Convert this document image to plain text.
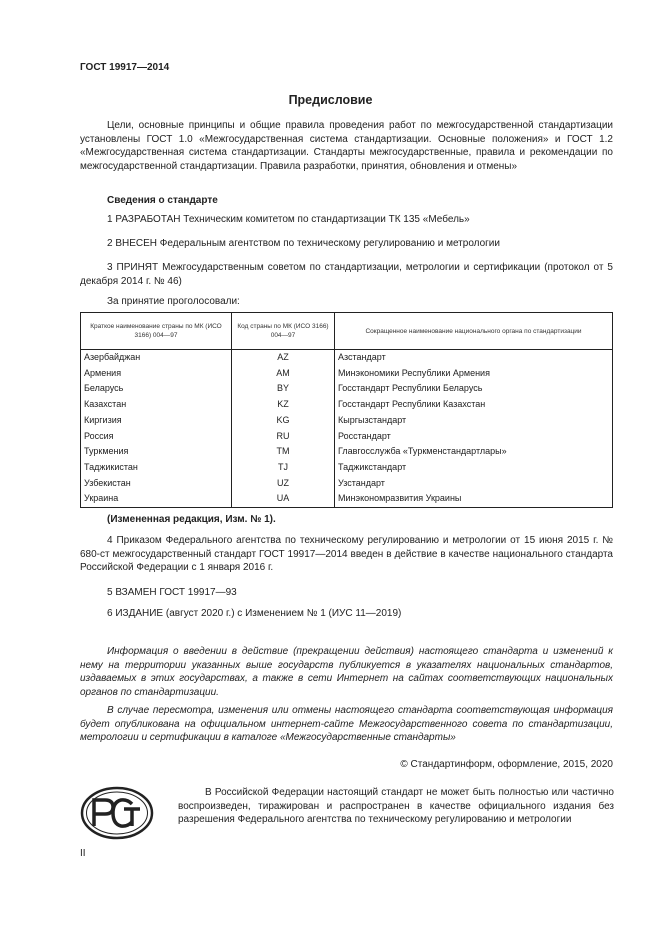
ГОСТ 19917—2014
Предисловие
Цели, основные принципы и общие правила проведения работ по межгосударственной стандартизации установлены ГОСТ 1.0 «Межгосударственная система стандартизации. Основные положения» и ГОСТ 1.2 «Межгосударственная система стандартизации. Стандарты межгосударственные, правила и рекомендации по межгосударственной стандартизации. Правила разработки, принятия, обновления и отмены»
Сведения о стандарте
1 РАЗРАБОТАН Техническим комитетом по стандартизации ТК 135 «Мебель»
2 ВНЕСЕН Федеральным агентством по техническому регулированию и метрологии
3 ПРИНЯТ Межгосударственным советом по стандартизации, метрологии и сертификации (протокол от 5 декабря 2014 г. № 46)
За принятие проголосовали:
Краткое наименование страны по МК (ИСО 3166) 004—97	Код страны по МК (ИСО 3166) 004—97	Сокращенное наименование национального органа по стандартизации
Азербайджан	AZ	Азстандарт
Армения	AM	Минэкономики Республики Армения
Беларусь	BY	Госстандарт Республики Беларусь
Казахстан	KZ	Госстандарт Республики Казахстан
Киргизия	KG	Кыргызстандарт
Россия	RU	Росстандарт
Туркмения	TM	Главгосслужба «Туркменстандартлары»
Таджикистан	TJ	Таджикстандарт
Узбекистан	UZ	Узстандарт
Украина	UA	Минэкономразвития Украины
(Измененная редакция, Изм. № 1).
4 Приказом Федерального агентства по техническому регулированию и метрологии от 15 июня 2015 г. № 680-ст межгосударственный стандарт ГОСТ 19917—2014 введен в действие в качестве национального стандарта Российской Федерации с 1 января 2016 г.
5 ВЗАМЕН ГОСТ 19917—93
6 ИЗДАНИЕ (август 2020 г.) с Изменением № 1 (ИУС 11—2019)
Информация о введении в действие (прекращении действия) настоящего стандарта и изменений к нему на территории указанных выше государств публикуется в указателях национальных стандартов, издаваемых в этих государствах, а также в сети Интернет на сайтах соответствующих национальных органов по стандартизации.
В случае пересмотра, изменения или отмены настоящего стандарта соответствующая информация будет опубликована на официальном интернет-сайте Межгосударственного совета по стандартизации, метрологии и сертификации в каталоге «Межгосударственные стандарты»
© Стандартинформ, оформление, 2015, 2020
В Российской Федерации настоящий стандарт не может быть полностью или частично воспроизведен, тиражирован и распространен в качестве официального издания без разрешения Федерального агентства по техническому регулированию и метрологии
II
